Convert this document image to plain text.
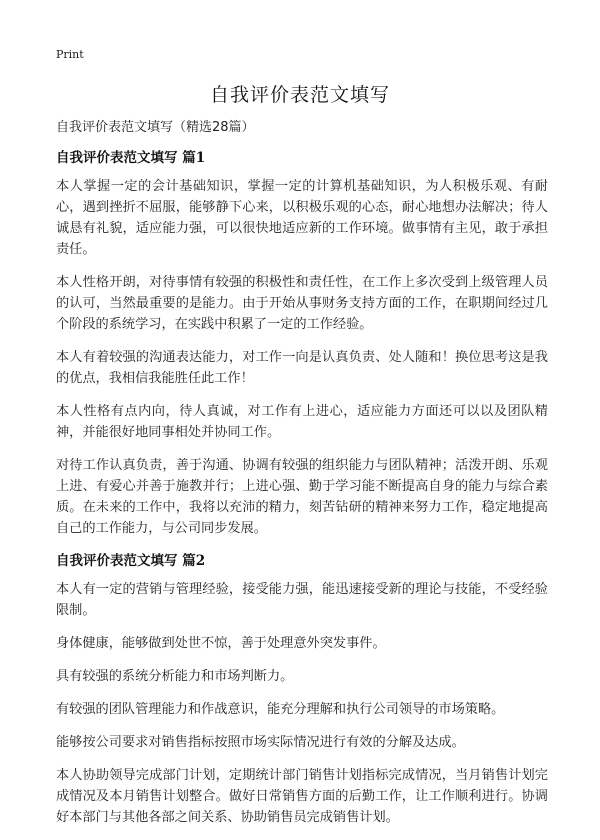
Print
自我评价表范文填写

自我评价表范文填写（精选28篇）

自我评价表范文填写 篇1

本人掌握一定的会计基础知识，掌握一定的计算机基础知识，为人积极乐观、有耐心，遇到挫折不屈服，能够静下心来，以积极乐观的心态，耐心地想办法解决；待人诚恳有礼貌，适应能力强，可以很快地适应新的工作环境。做事情有主见，敢于承担责任。

本人性格开朗，对待事情有较强的积极性和责任性，在工作上多次受到上级管理人员的认可，当然最重要的是能力。由于开始从事财务支持方面的工作，在职期间经过几个阶段的系统学习，在实践中积累了一定的工作经验。

本人有着较强的沟通表达能力，对工作一向是认真负责、处人随和！换位思考这是我的优点，我相信我能胜任此工作！

本人性格有点内向，待人真诚，对工作有上进心，适应能力方面还可以以及团队精神，并能很好地同事相处并协同工作。

对待工作认真负责，善于沟通、协调有较强的组织能力与团队精神；活泼开朗、乐观上进、有爱心并善于施教并行；上进心强、勤于学习能不断提高自身的能力与综合素质。在未来的工作中，我将以充沛的精力，刻苦钻研的精神来努力工作，稳定地提高自己的工作能力，与公司同步发展。

自我评价表范文填写 篇2

本人有一定的营销与管理经验，接受能力强，能迅速接受新的理论与技能，不受经验限制。

身体健康，能够做到处世不惊，善于处理意外突发事件。

具有较强的系统分析能力和市场判断力。

有较强的团队管理能力和作战意识，能充分理解和执行公司领导的市场策略。

能够按公司要求对销售指标按照市场实际情况进行有效的分解及达成。

本人协助领导完成部门计划，定期统计部门销售计划指标完成情况，当月销售计划完成情况及本月销售计划整合。做好日常销售方面的后勤工作，让工作顺利进行。协调好本部门与其他各部之间关系、协助销售员完成销售计划。
